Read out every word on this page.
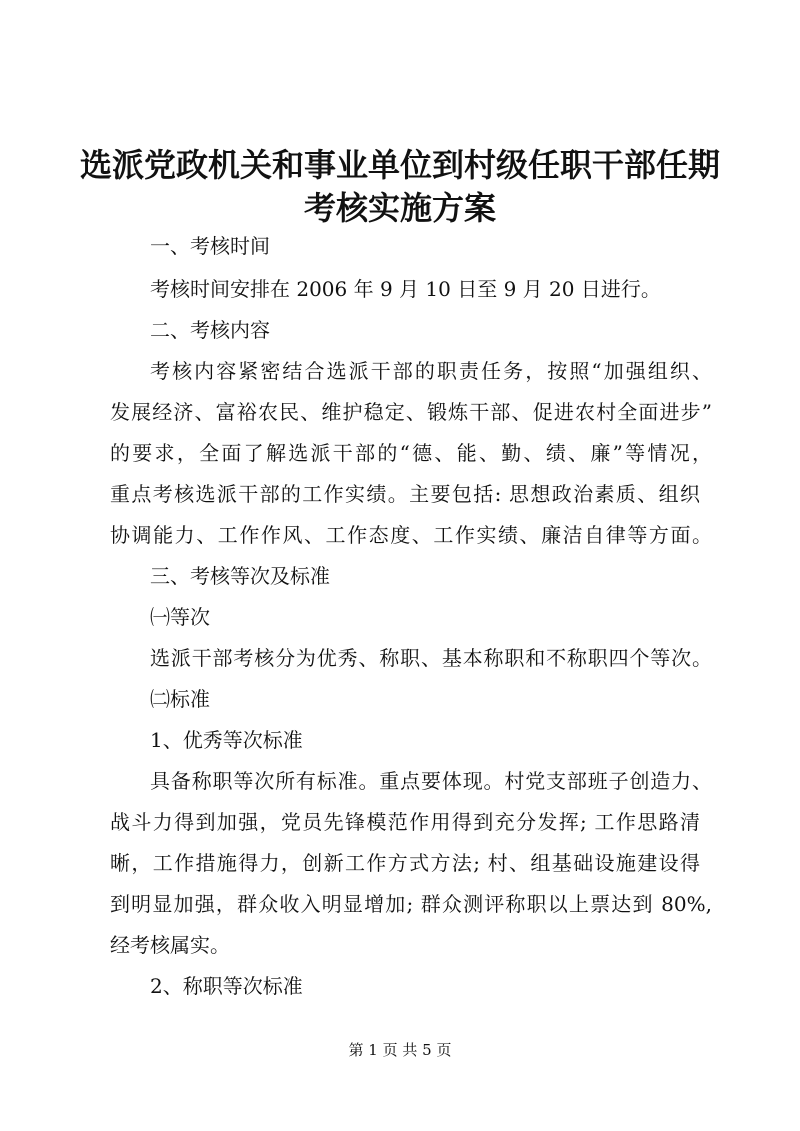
选派党政机关和事业单位到村级任职干部任期
考核实施方案
一、考核时间
考核时间安排在 2006 年 9 月 10 日至 9 月 20 日进行。
二、考核内容
考核内容紧密结合选派干部的职责任务，按照“加强组织、
发展经济、富裕农民、维护稳定、锻炼干部、促进农村全面进步”
的要求，全面了解选派干部的“德、能、勤、绩、廉”等情况，
重点考核选派干部的工作实绩。主要包括: 思想政治素质、组织
协调能力、工作作风、工作态度、工作实绩、廉洁自律等方面。
三、考核等次及标准
㈠等次
选派干部考核分为优秀、称职、基本称职和不称职四个等次。
㈡标准
1、优秀等次标准
具备称职等次所有标准。重点要体现。村党支部班子创造力、
战斗力得到加强，党员先锋模范作用得到充分发挥; 工作思路清
晰，工作措施得力，创新工作方式方法; 村、组基础设施建设得
到明显加强，群众收入明显增加; 群众测评称职以上票达到 80%,
经考核属实。
2、称职等次标准
第 1 页 共 5 页
